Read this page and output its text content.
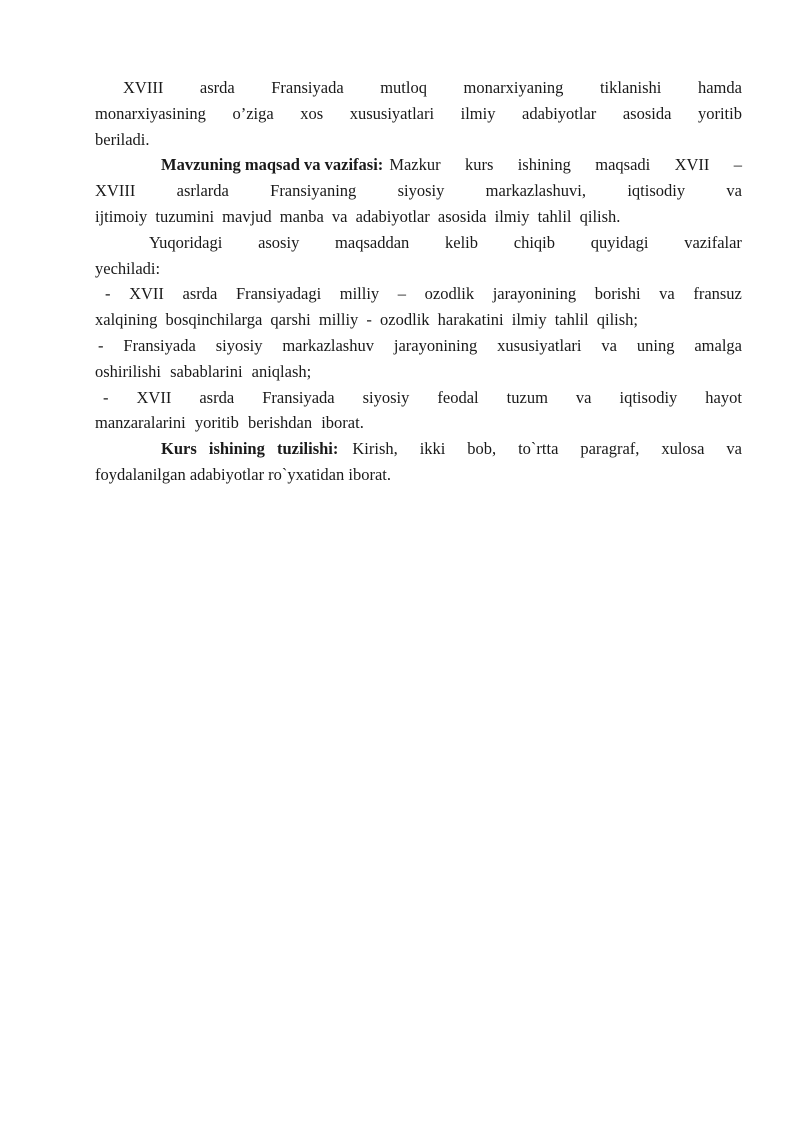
XVIII asrda Fransiyada mutloq monarxiyaning tiklanishi hamda
monarxiyasining o’ziga xos xususiyatlari ilmiy adabiyotlar asosida yoritib
beriladi.
Mavzuning maqsad va vazifasi: Mazkur kurs ishining maqsadi XVII –
XVIII	asrlarda	Fransiyaning	siyosiy	markazlashuvi,	iqtisodiy	va
ijtimoiy tuzumini mavjud manba va adabiyotlar asosida ilmiy tahlil qilish.
Yuqoridagi asosiy maqsaddan kelib chiqib quyidagi vazifalar
yechiladi:
- XVII asrda Fransiyadagi milliy – ozodlik jarayonining borishi va fransuz
xalqining bosqinchilarga qarshi milliy - ozodlik harakatini ilmiy tahlil qilish;
- Fransiyada siyosiy markazlashuv jarayonining xususiyatlari va uning amalga
oshirilishi sabablarini aniqlash;
- XVII asrda Fransiyada siyosiy feodal tuzum va iqtisodiy hayot
manzaralarini yoritib berishdan iborat.
Kurs ishining tuzilishi: Kirish, ikki bob, to`rtta paragraf, xulosa va
foydalanilgan adabiyotlar ro`yxatidan iborat.
